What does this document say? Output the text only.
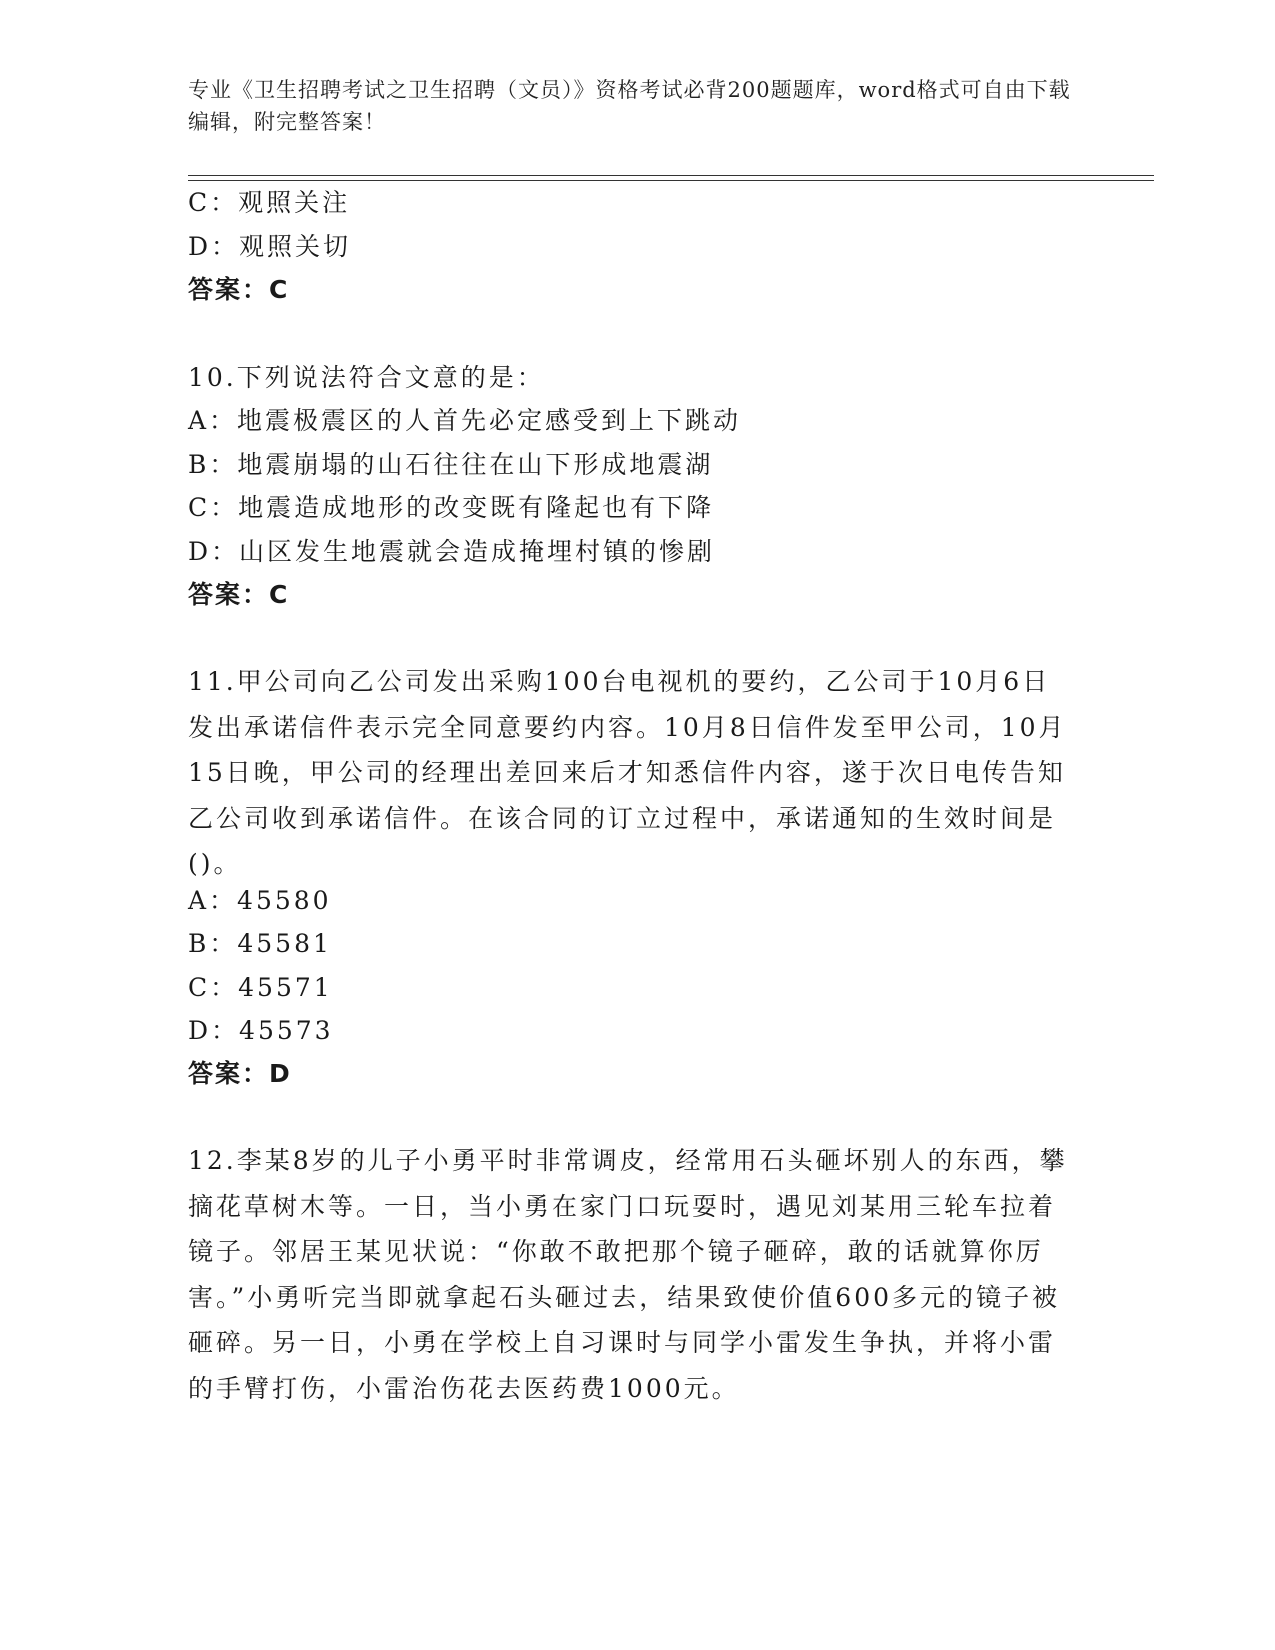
专业《卫生招聘考试之卫生招聘（文员）》资格考试必背200题题库，word格式可自由下载编辑，附完整答案！
C：观照关注
D：观照关切
答案：C
10.下列说法符合文意的是：
A：地震极震区的人首先必定感受到上下跳动
B：地震崩塌的山石往往在山下形成地震湖
C：地震造成地形的改变既有隆起也有下降
D：山区发生地震就会造成掩埋村镇的惨剧
答案：C
11.甲公司向乙公司发出采购100台电视机的要约，乙公司于10月6日发出承诺信件表示完全同意要约内容。10月8日信件发至甲公司，10月15日晚，甲公司的经理出差回来后才知悉信件内容，遂于次日电传告知乙公司收到承诺信件。在该合同的订立过程中，承诺通知的生效时间是()。
A：45580
B：45581
C：45571
D：45573
答案：D
12.李某8岁的儿子小勇平时非常调皮，经常用石头砸坏别人的东西，攀摘花草树木等。一日，当小勇在家门口玩耍时，遇见刘某用三轮车拉着镜子。邻居王某见状说：“你敢不敢把那个镜子砸碎，敢的话就算你厉害。”小勇听完当即就拿起石头砸过去，结果致使价值600多元的镜子被砸碎。另一日，小勇在学校上自习课时与同学小雷发生争执，并将小雷的手臂打伤，小雷治伤花去医药费1000元。
